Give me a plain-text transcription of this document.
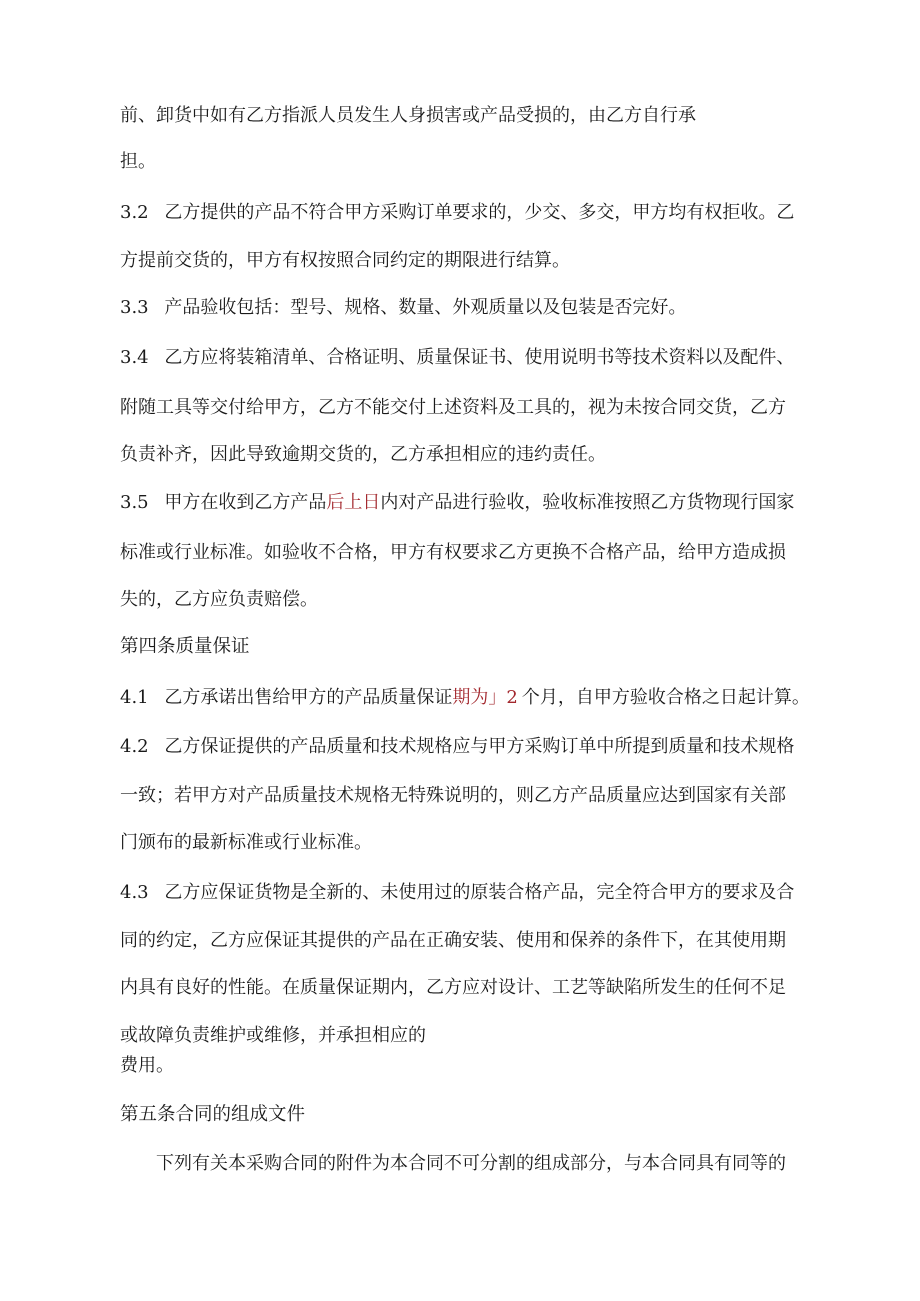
前、卸货中如有乙方指派人员发生人身损害或产品受损的，由乙方自行承
担。
3.2 乙方提供的产品不符合甲方采购订单要求的，少交、多交，甲方均有权拒收。乙
方提前交货的，甲方有权按照合同约定的期限进行结算。
3.3 产品验收包括：型号、规格、数量、外观质量以及包装是否完好。
3.4 乙方应将装箱清单、合格证明、质量保证书、使用说明书等技术资料以及配件、
附随工具等交付给甲方，乙方不能交付上述资料及工具的，视为未按合同交货，乙方
负责补齐，因此导致逾期交货的，乙方承担相应的违约责任。
3.5 甲方在收到乙方产品后上日内对产品进行验收，验收标准按照乙方货物现行国家
标准或行业标准。如验收不合格，甲方有权要求乙方更换不合格产品，给甲方造成损
失的，乙方应负责赔偿。
第四条质量保证
4.1 乙方承诺出售给甲方的产品质量保证期为」2 个月，自甲方验收合格之日起计算。
4.2 乙方保证提供的产品质量和技术规格应与甲方采购订单中所提到质量和技术规格
一致；若甲方对产品质量技术规格无特殊说明的，则乙方产品质量应达到国家有关部
门颁布的最新标准或行业标准。
4.3 乙方应保证货物是全新的、未使用过的原装合格产品，完全符合甲方的要求及合
同的约定，乙方应保证其提供的产品在正确安装、使用和保养的条件下，在其使用期
内具有良好的性能。在质量保证期内，乙方应对设计、工艺等缺陷所发生的任何不足
或故障负责维护或维修，并承担相应的
费用。
第五条合同的组成文件
下列有关本采购合同的附件为本合同不可分割的组成部分，与本合同具有同等的
